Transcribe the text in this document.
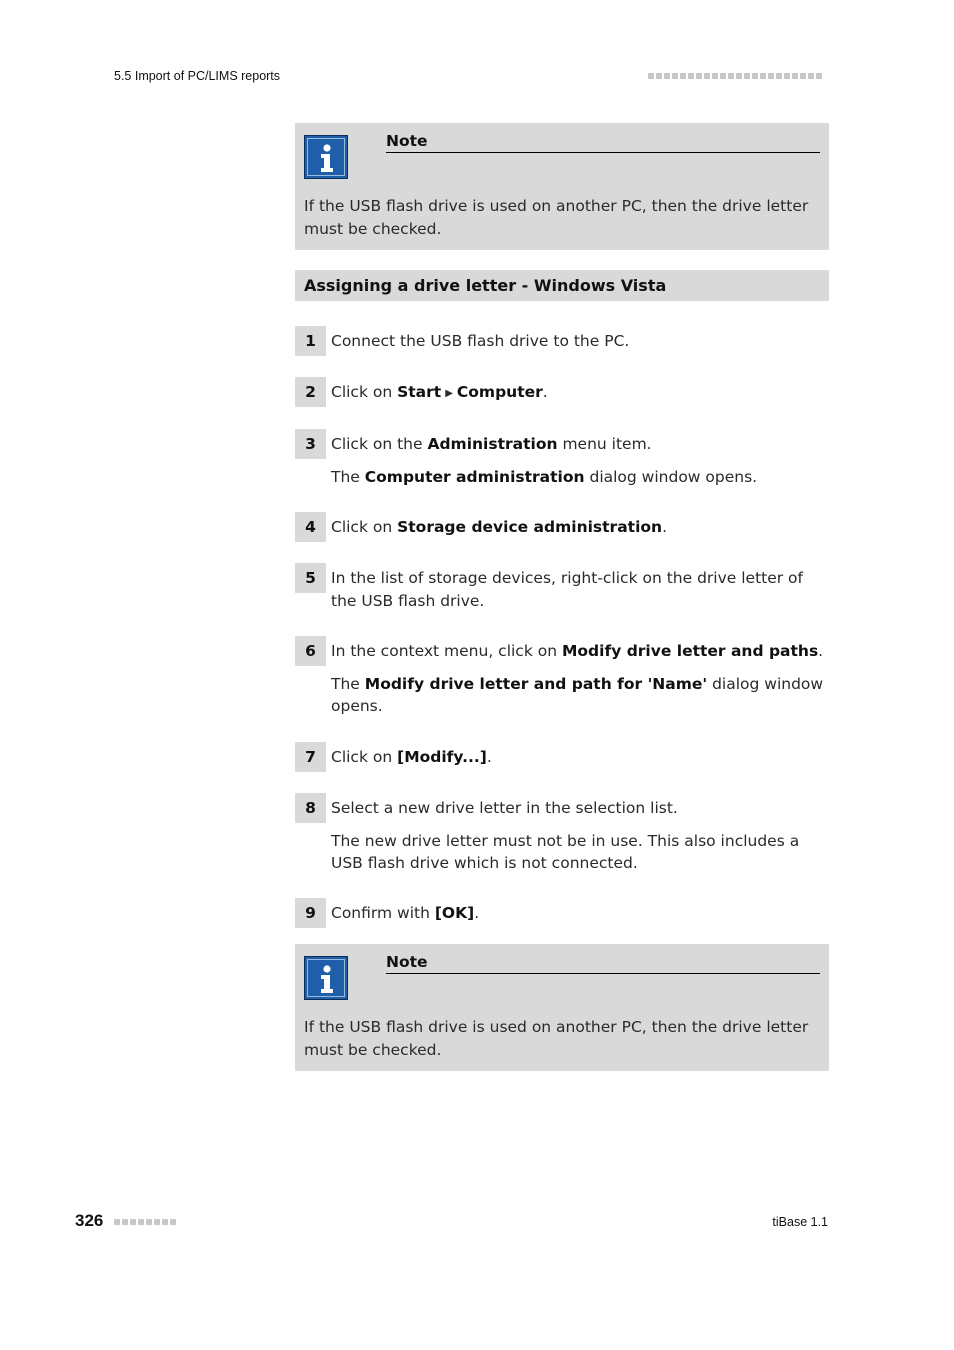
5.5 Import of PC/LIMS reports
Note
If the USB flash drive is used on another PC, then the drive letter must be checked.
Assigning a drive letter - Windows Vista
1 Connect the USB flash drive to the PC.

2 Click on Start ▶ Computer.

3 Click on the Administration menu item.

The Computer administration dialog window opens.

4 Click on Storage device administration.

5 In the list of storage devices, right-click on the drive letter of the USB flash drive.

6 In the context menu, click on Modify drive letter and paths.

The Modify drive letter and path for 'Name' dialog window opens.

7 Click on [Modify...].

8 Select a new drive letter in the selection list.

The new drive letter must not be in use. This also includes a USB flash drive which is not connected.

9 Confirm with [OK].

Note
If the USB flash drive is used on another PC, then the drive letter must be checked.
326	tiBase 1.1
